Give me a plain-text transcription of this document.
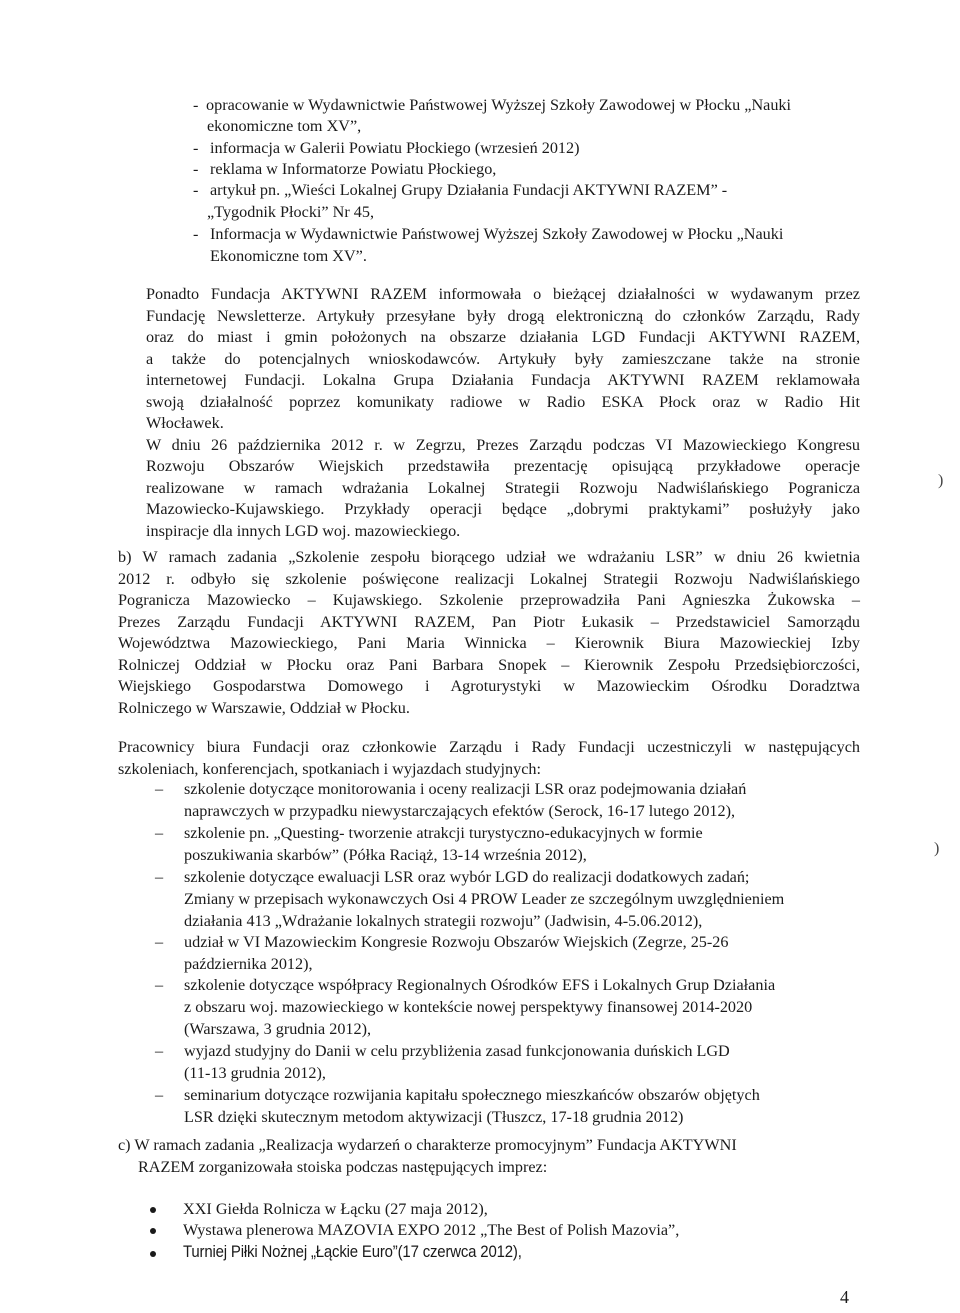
- opracowanie w Wydawnictwie Państwowej Wyższej Szkoły Zawodowej w Płocku „Nauki
ekonomiczne tom XV”,
- informacja w Galerii Powiatu Płockiego (wrzesień 2012)
- reklama w Informatorze Powiatu Płockiego,
- artykuł pn. „Wieści Lokalnej Grupy Działania Fundacji AKTYWNI RAZEM” -
„Tygodnik Płocki” Nr 45,
- Informacja w Wydawnictwie Państwowej Wyższej Szkoły Zawodowej w Płocku „Nauki
Ekonomiczne tom XV”.
Ponadto Fundacja AKTYWNI RAZEM informowała o bieżącej działalności w wydawanym przez
Fundację Newsletterze. Artykuły przesyłane były drogą elektroniczną do członków Zarządu, Rady
oraz do miast i gmin położonych na obszarze działania LGD Fundacji AKTYWNI RAZEM,
a także do potencjalnych wnioskodawców. Artykuły były zamieszczane także na stronie
internetowej Fundacji. Lokalna Grupa Działania Fundacja AKTYWNI RAZEM reklamowała
swoją działalność poprzez komunikaty radiowe w Radio ESKA Płock oraz w Radio Hit
Włocławek.
W dniu 26 października 2012 r. w Zegrzu, Prezes Zarządu podczas VI Mazowieckiego Kongresu
Rozwoju Obszarów Wiejskich przedstawiła prezentację opisującą przykładowe operacje
realizowane w ramach wdrażania Lokalnej Strategii Rozwoju Nadwiślańskiego Pogranicza
Mazowiecko-Kujawskiego. Przykłady operacji będące „dobrymi praktykami” posłużyły jako
inspiracje dla innych LGD woj. mazowieckiego.
b) W ramach zadania „Szkolenie zespołu biorącego udział we wdrażaniu LSR” w dniu 26 kwietnia
2012 r. odbyło się szkolenie poświęcone realizacji Lokalnej Strategii Rozwoju Nadwiślańskiego
Pogranicza Mazowiecko – Kujawskiego. Szkolenie przeprowadziła Pani Agnieszka Żukowska –
Prezes Zarządu Fundacji AKTYWNI RAZEM, Pan Piotr Łukasik – Przedstawiciel Samorządu
Województwa Mazowieckiego, Pani Maria Winnicka – Kierownik Biura Mazowieckiej Izby
Rolniczej Oddział w Płocku oraz Pani Barbara Snopek – Kierownik Zespołu Przedsiębiorczości,
Wiejskiego Gospodarstwa Domowego i Agroturystyki w Mazowieckim Ośrodku Doradztwa
Rolniczego w Warszawie, Oddział w Płocku.
Pracownicy biura Fundacji oraz członkowie Zarządu i Rady Fundacji uczestniczyli w następujących
szkoleniach, konferencjach, spotkaniach i wyjazdach studyjnych:
– szkolenie dotyczące monitorowania i oceny realizacji LSR oraz podejmowania działań
naprawczych w przypadku niewystarczających efektów (Serock, 16-17 lutego 2012),
– szkolenie pn. „Questing- tworzenie atrakcji turystyczno-edukacyjnych w formie
poszukiwania skarbów” (Półka Raciąż, 13-14 września 2012),
– szkolenie dotyczące ewaluacji LSR oraz wybór LGD do realizacji dodatkowych zadań;
Zmiany w przepisach wykonawczych Osi 4 PROW Leader ze szczególnym uwzględnieniem
działania 413 „Wdrażanie lokalnych strategii rozwoju” (Jadwisin, 4-5.06.2012),
– udział w VI Mazowieckim Kongresie Rozwoju Obszarów Wiejskich (Zegrze, 25-26
października 2012),
– szkolenie dotyczące współpracy Regionalnych Ośrodków EFS i Lokalnych Grup Działania
z obszaru woj. mazowieckiego w kontekście nowej perspektywy finansowej 2014-2020
(Warszawa, 3 grudnia 2012),
– wyjazd studyjny do Danii w celu przybliżenia zasad funkcjonowania duńskich LGD
(11-13 grudnia 2012),
– seminarium dotyczące rozwijania kapitału społecznego mieszkańców obszarów objętych
LSR dzięki skutecznym metodom aktywizacji (Tłuszcz, 17-18 grudnia 2012)
c) W ramach zadania „Realizacja wydarzeń o charakterze promocyjnym” Fundacja AKTYWNI
RAZEM zorganizowała stoiska podczas następujących imprez:
XXI Giełda Rolnicza w Łącku (27 maja 2012),
Wystawa plenerowa MAZOVIA EXPO 2012 „The Best of Polish Mazovia”,
Turniej Piłki Nożnej „Łąckie Euro”(17 czerwca 2012),
)
)
4
